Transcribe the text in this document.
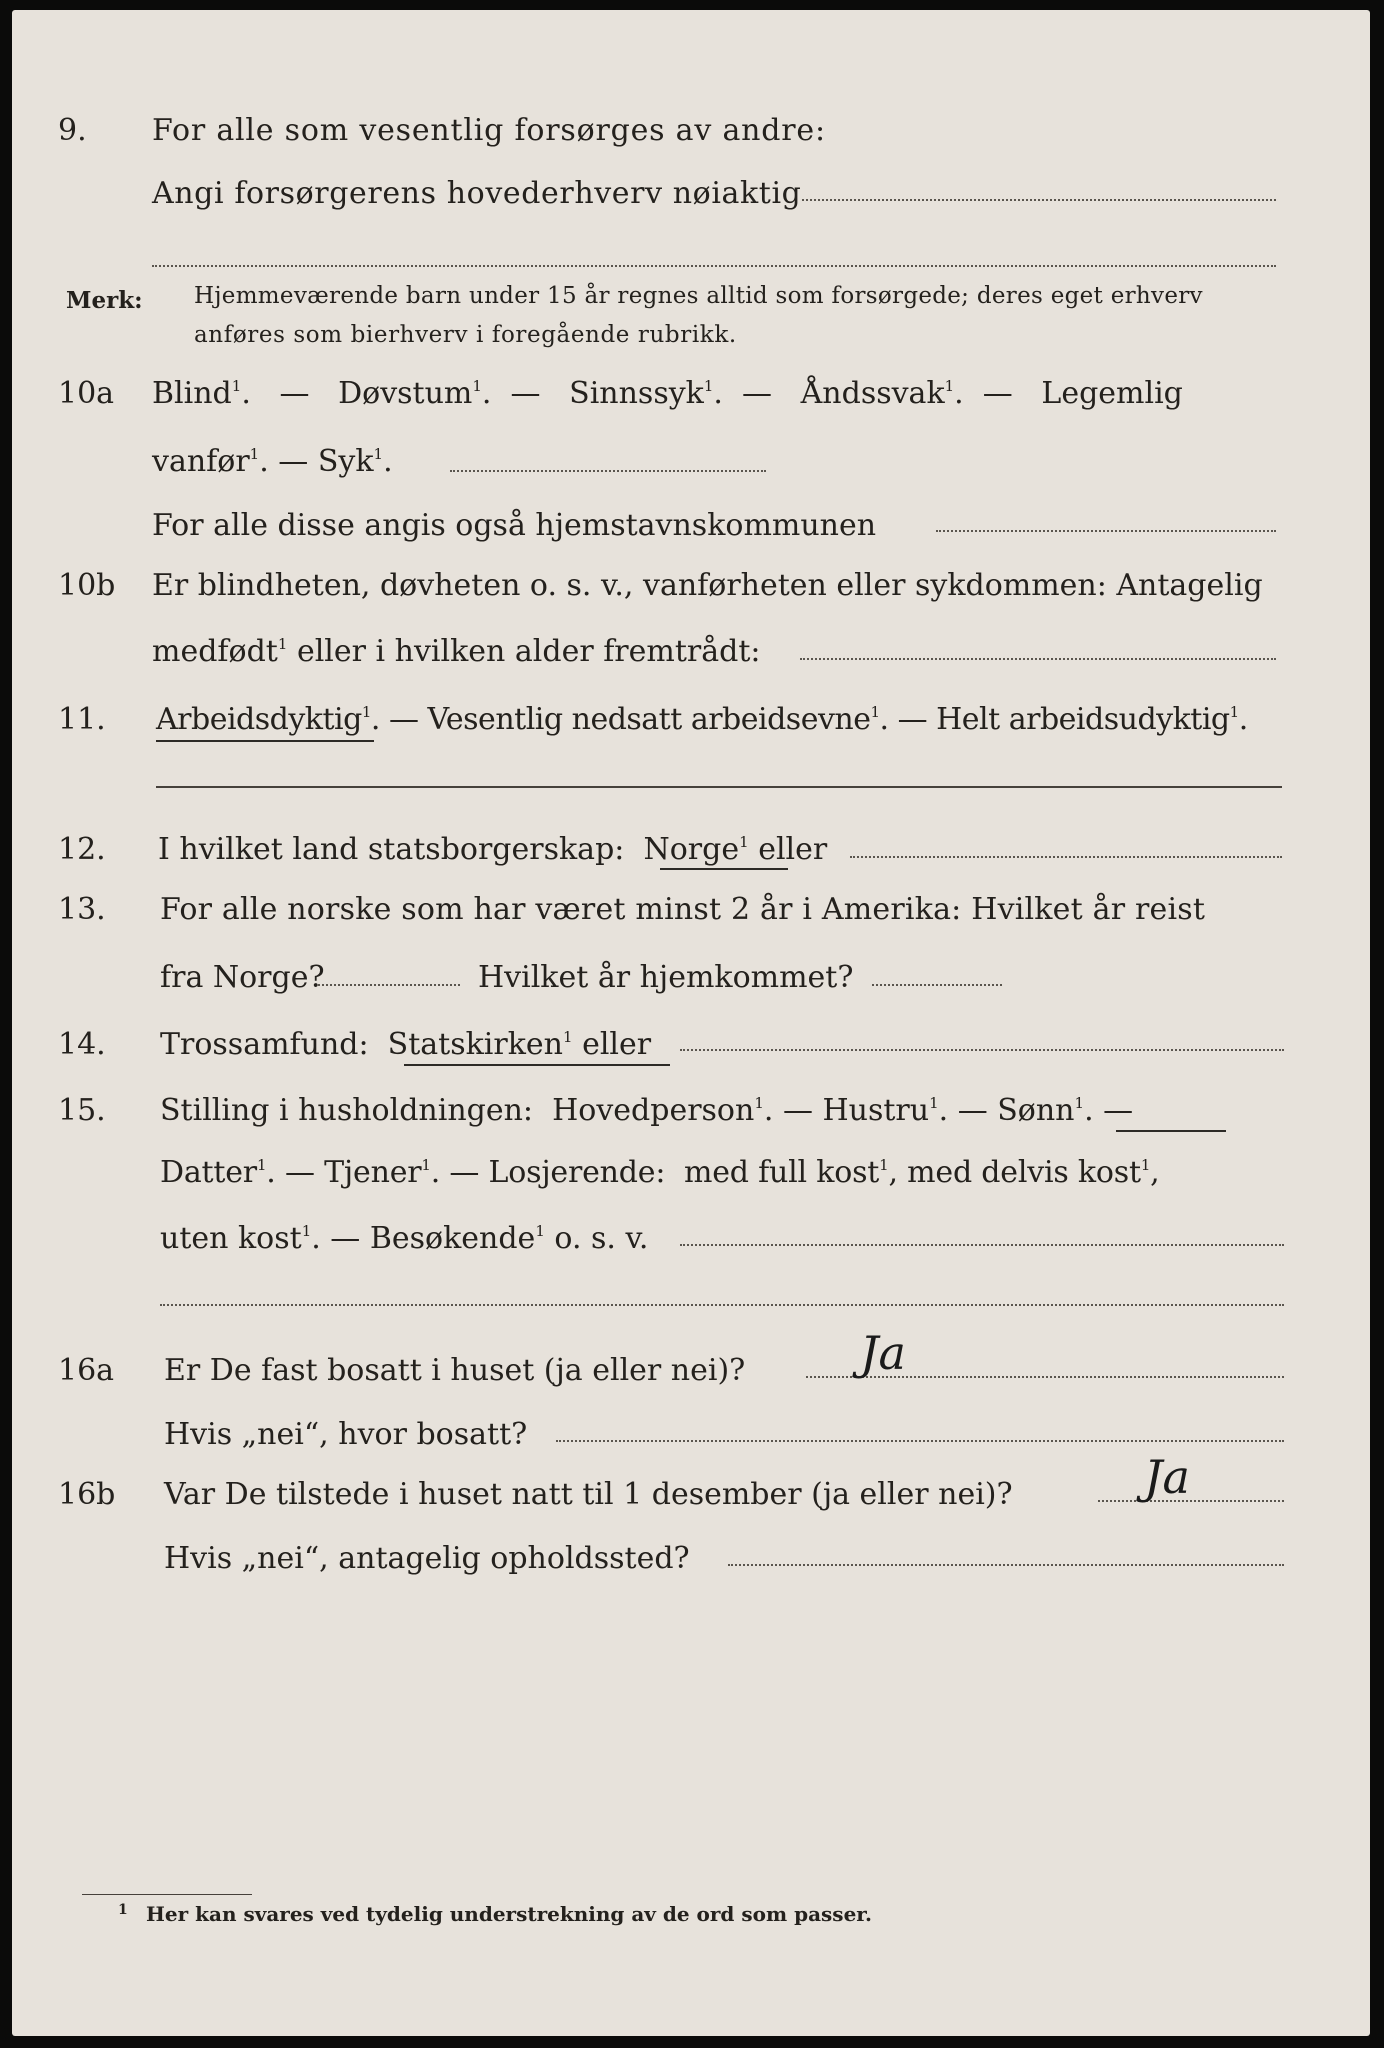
9. For alle som vesentlig forsørges av andre:
Angi forsørgerens hovederhverv nøiaktig
Merk: Hjemmeværende barn under 15 år regnes alltid som forsørgede; deres eget erhverv
anføres som bierhverv i foregående rubrikk.
10a Blind$^1$.   — Døvstum$^1$.  — Sinnssyk$^1$.  — Åndssvak$^1$.  — Legemlig
vanfør$^1$. — Syk$^1$.
For alle disse angis også hjemstavnskommunen
10b Er blindheten, døvheten o. s. v., vanførheten eller sykdommen: Antagelig
medfødt$^1$ eller i hvilken alder fremtrådt:
11. Arbeidsdyktig$^1$. — Vesentlig nedsatt arbeidsevne$^1$. — Helt arbeidsudyktig$^1$.
12. I hvilket land statsborgerskap: Norge$^1$ eller
13. For alle norske som har været minst 2 år i Amerika: Hvilket år reist
fra Norge?	Hvilket år hjemkommet?
14. Trossamfund: Statskirken$^1$ eller
15. Stilling i husholdningen: Hovedperson$^1$. — Hustru$^1$. — Sønn$^1$. —
Datter$^1$. — Tjener$^1$. — Losjerende: med full kost$^1$, med delvis kost$^1$,
uten kost$^1$. — Besøkende$^1$ o. s. v.
16a Er De fast bosatt i huset (ja eller nei)? Ja
Hvis „nei“, hvor bosatt?
16b Var De tilstede i huset natt til 1 desember (ja eller nei)?	Ja
Hvis „nei“, antagelig opholdssted?
1 Her kan svares ved tydelig understrekning av de ord som passer.
